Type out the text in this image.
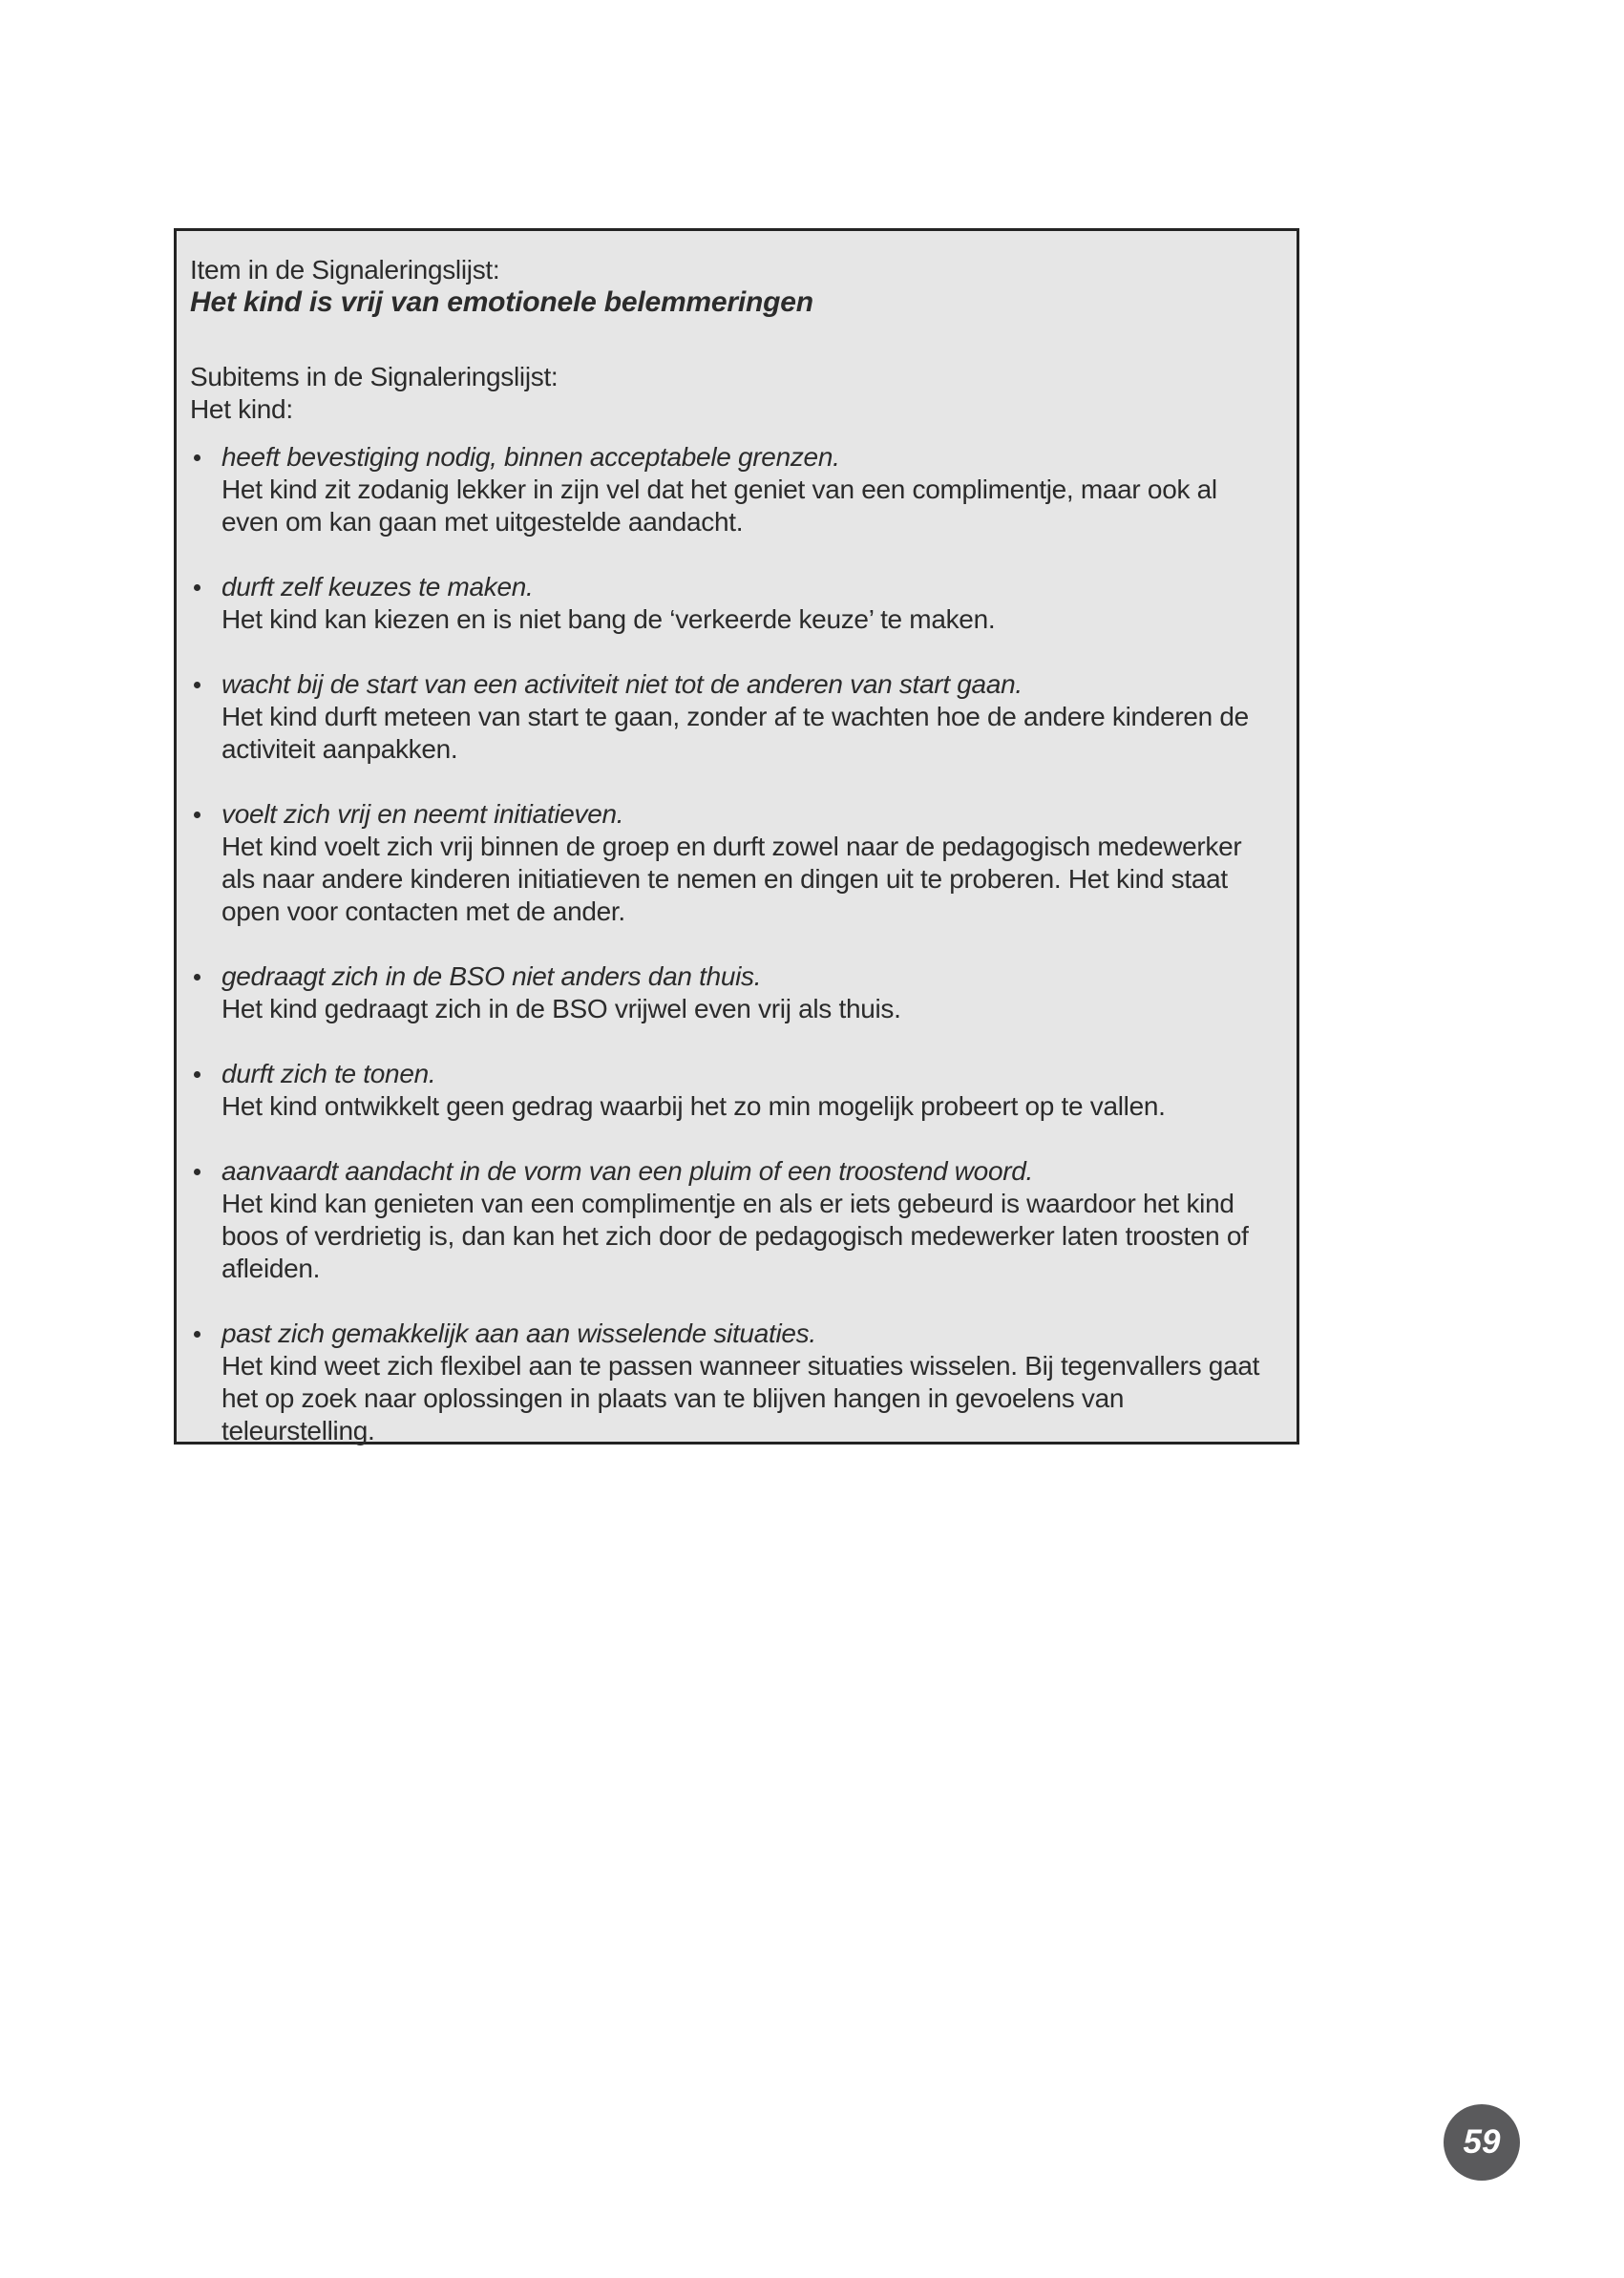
Item in de Signaleringslijst:
Het kind is vrij van emotionele belemmeringen
Subitems in de Signaleringslijst:
Het kind:
heeft bevestiging nodig, binnen acceptabele grenzen.
Het kind zit zodanig lekker in zijn vel dat het geniet van een complimentje, maar ook al even om kan gaan met uitgestelde aandacht.
durft zelf keuzes te maken.
Het kind kan kiezen en is niet bang de ‘verkeerde keuze’ te maken.
wacht bij de start van een activiteit niet tot de anderen van start gaan.
Het kind durft meteen van start te gaan, zonder af te wachten hoe de andere kinderen de activiteit aanpakken.
voelt zich vrij en neemt initiatieven.
Het kind voelt zich vrij binnen de groep en durft zowel naar de pedagogisch medewerker als naar andere kinderen initiatieven te nemen en dingen uit te proberen. Het kind staat open voor contacten met de ander.
gedraagt zich in de BSO niet anders dan thuis.
Het kind gedraagt zich in de BSO vrijwel even vrij als thuis.
durft zich te tonen.
Het kind ontwikkelt geen gedrag waarbij het zo min mogelijk probeert op te vallen.
aanvaardt aandacht in de vorm van een pluim of een troostend woord.
Het kind kan genieten van een complimentje en als er iets gebeurd is waardoor het kind boos of verdrietig is, dan kan het zich door de pedagogisch medewerker laten troosten of afleiden.
past zich gemakkelijk aan aan wisselende situaties.
Het kind weet zich flexibel aan te passen wanneer situaties wisselen. Bij tegenvallers gaat het op zoek naar oplossingen in plaats van te blijven hangen in gevoelens van teleurstelling.
59
